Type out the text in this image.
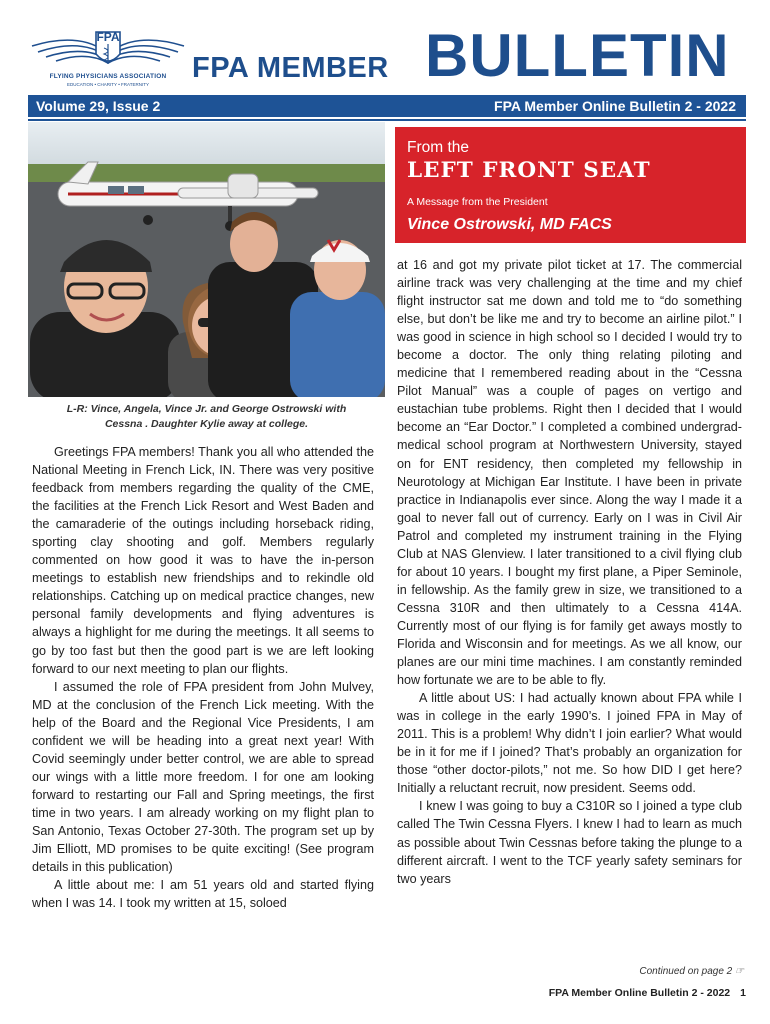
FPA
FLYING PHYSICIANS ASSOCIATION
EDUCATION • CHARITY • FRATERNITY
FPA MEMBER BULLETIN
Volume 29, Issue 2	FPA Member Online Bulletin 2 - 2022
L-R: Vince, Angela, Vince Jr. and George Ostrowski with
Cessna . Daughter Kylie away at college.
From the
LEFT FRONT SEAT
A Message from the President
Vince Ostrowski, MD FACS

Greetings FPA members! Thank you all who attended the National Meeting in French Lick, IN. There was very positive feedback from members regarding the quality of the CME, the facilities at the French Lick Resort and West Baden and the camaraderie of the outings including horseback riding, sporting clay shooting and golf. Members regularly commented on how good it was to have the in-person meetings to establish new friendships and to rekindle old relationships. Catching up on medical practice changes, new personal family developments and flying adventures is always a highlight for me during the meetings. It all seems to go by too fast but then the good part is we are left looking forward to our next meeting to plan our flights.

I assumed the role of FPA president from John Mulvey, MD at the conclusion of the French Lick meeting. With the help of the Board and the Regional Vice Presidents, I am confident we will be heading into a great next year! With Covid seemingly under better control, we are able to spread our wings with a little more freedom. I for one am looking forward to restarting our Fall and Spring meetings, the first time in two years. I am already working on my flight plan to San Antonio, Texas October 27-30th. The program set up by Jim Elliott, MD promises to be quite exciting! (See program details in this publication)

A little about me: I am 51 years old and started flying when I was 14. I took my written at 15, soloed

at 16 and got my private pilot ticket at 17. The commercial airline track was very challenging at the time and my chief flight instructor sat me down and told me to “do something else, but don’t be like me and try to become an airline pilot.” I was good in science in high school so I decided I would try to become a doctor. The only thing relating piloting and medicine that I remembered reading about in the “Cessna Pilot Manual” was a couple of pages on vertigo and eustachian tube problems. Right then I decided that I would become an “Ear Doctor.” I completed a combined undergrad-medical school program at Northwestern University, stayed on for ENT residency, then completed my fellowship in Neurotology at Michigan Ear Institute. I have been in private practice in Indianapolis ever since. Along the way I made it a goal to never fall out of currency. Early on I was in Civil Air Patrol and completed my instrument training in the Flying Club at NAS Glenview. I later transitioned to a civil flying club for about 10 years. I bought my first plane, a Piper Seminole, in fellowship. As the family grew in size, we transitioned to a Cessna 310R and then ultimately to a Cessna 414A. Currently most of our flying is for family get aways mostly to Florida and Wisconsin and for meetings. As we all know, our planes are our mini time machines. I am constantly reminded how fortunate we are to be able to fly.

A little about US: I had actually known about FPA while I was in college in the early 1990’s. I joined FPA in May of 2011. This is a problem! Why didn’t I join earlier? What would be in it for me if I joined? That’s probably an organization for those “other doctor-pilots,” not me. So how DID I get here? Initially a reluctant recruit, now president. Seems odd.

I knew I was going to buy a C310R so I joined a type club called The Twin Cessna Flyers. I knew I had to learn as much as possible about Twin Cessnas before taking the plunge to a different aircraft. I went to the TCF yearly safety seminars for two years

Continued on page 2 ☞
FPA Member Online Bulletin 2 - 2022 1
